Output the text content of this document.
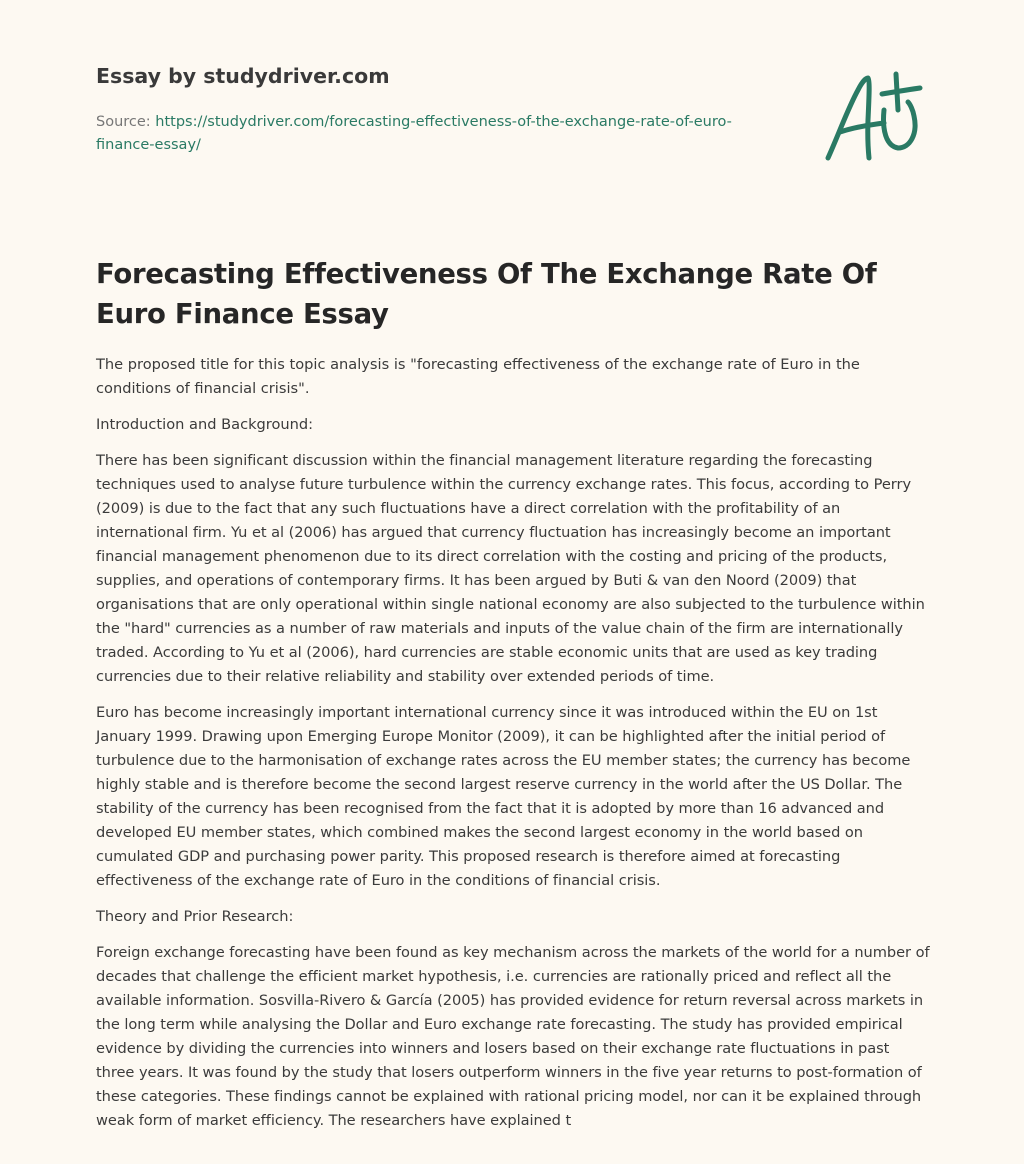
Essay by studydriver.com
Source: https://studydriver.com/forecasting-effectiveness-of-the-exchange-rate-of-euro-finance-essay/
Forecasting Effectiveness Of The Exchange Rate Of Euro Finance Essay

The proposed title for this topic analysis is "forecasting effectiveness of the exchange rate of Euro in the conditions of financial crisis".

Introduction and Background:

There has been significant discussion within the financial management literature regarding the forecasting techniques used to analyse future turbulence within the currency exchange rates. This focus, according to Perry (2009) is due to the fact that any such fluctuations have a direct correlation with the profitability of an international firm. Yu et al (2006) has argued that currency fluctuation has increasingly become an important financial management phenomenon due to its direct correlation with the costing and pricing of the products, supplies, and operations of contemporary firms. It has been argued by Buti & van den Noord (2009) that organisations that are only operational within single national economy are also subjected to the turbulence within the "hard" currencies as a number of raw materials and inputs of the value chain of the firm are internationally traded. According to Yu et al (2006), hard currencies are stable economic units that are used as key trading currencies due to their relative reliability and stability over extended periods of time.

Euro has become increasingly important international currency since it was introduced within the EU on 1st January 1999. Drawing upon Emerging Europe Monitor (2009), it can be highlighted after the initial period of turbulence due to the harmonisation of exchange rates across the EU member states; the currency has become highly stable and is therefore become the second largest reserve currency in the world after the US Dollar. The stability of the currency has been recognised from the fact that it is adopted by more than 16 advanced and developed EU member states, which combined makes the second largest economy in the world based on cumulated GDP and purchasing power parity. This proposed research is therefore aimed at forecasting effectiveness of the exchange rate of Euro in the conditions of financial crisis.

Theory and Prior Research:

Foreign exchange forecasting have been found as key mechanism across the markets of the world for a number of decades that challenge the efficient market hypothesis, i.e. currencies are rationally priced and reflect all the available information. Sosvilla-Rivero & García (2005) has provided evidence for return reversal across markets in the long term while analysing the Dollar and Euro exchange rate forecasting. The study has provided empirical evidence by dividing the currencies into winners and losers based on their exchange rate fluctuations in past three years. It was found by the study that losers outperform winners in the five year returns to post-formation of these categories. These findings cannot be explained with rational pricing model, nor can it be explained through weak form of market efficiency. The researchers have explained t
